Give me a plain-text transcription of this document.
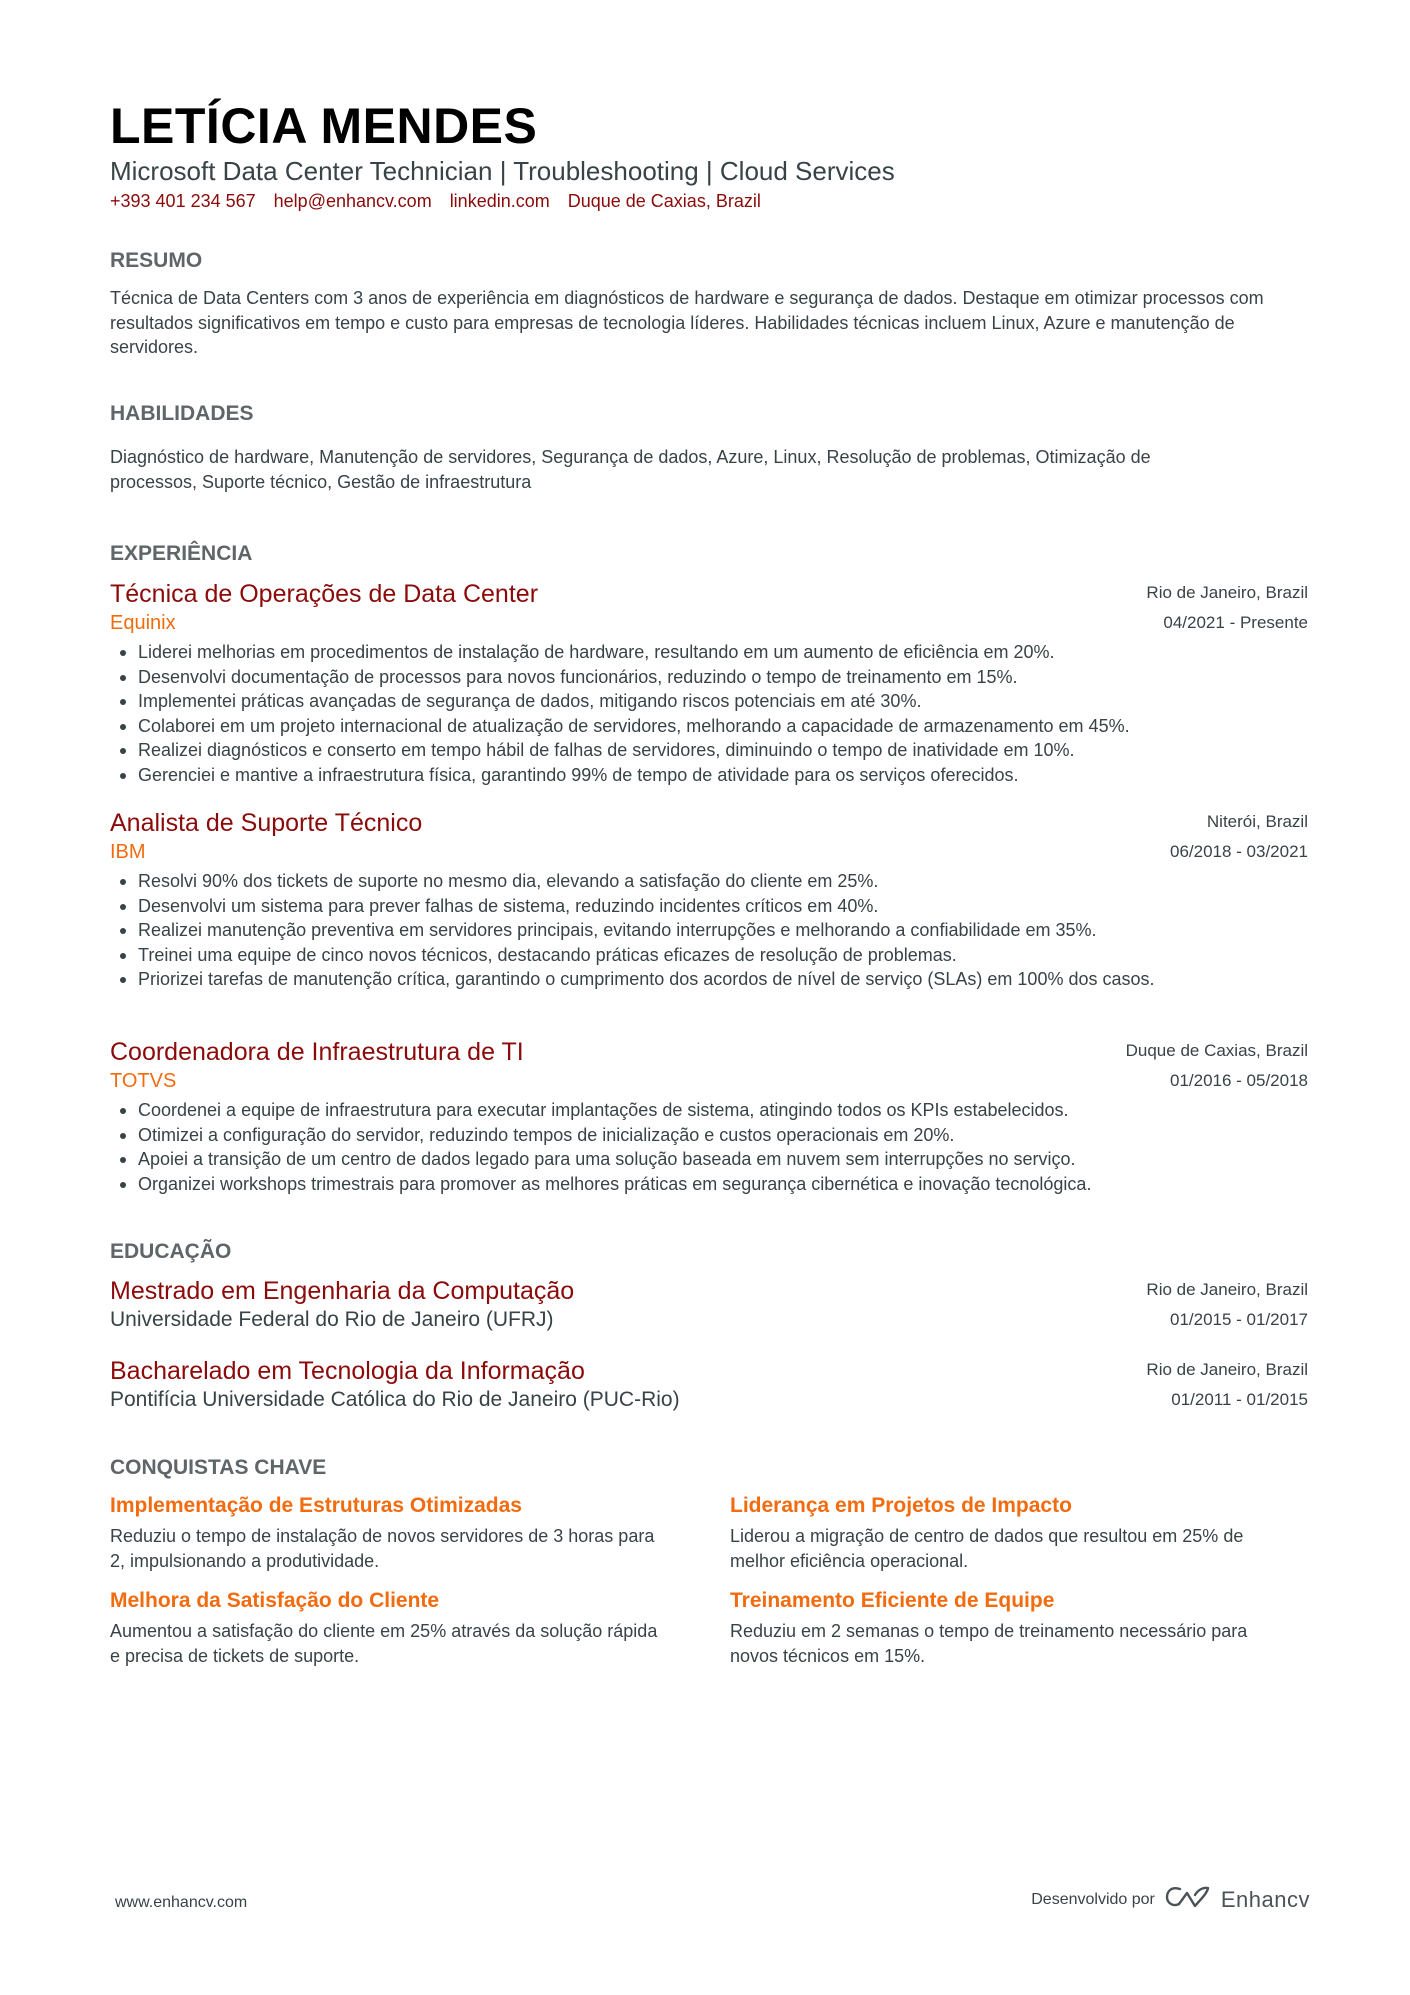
LETÍCIA MENDES
Microsoft Data Center Technician | Troubleshooting | Cloud Services
+393 401 234 567 help@enhancv.com linkedin.com Duque de Caxias, Brazil
RESUMO

Técnica de Data Centers com 3 anos de experiência em diagnósticos de hardware e segurança de dados. Destaque em otimizar processos com resultados significativos em tempo e custo para empresas de tecnologia líderes. Habilidades técnicas incluem Linux, Azure e manutenção de servidores.

HABILIDADES

Diagnóstico de hardware, Manutenção de servidores, Segurança de dados, Azure, Linux, Resolução de problemas, Otimização de processos, Suporte técnico, Gestão de infraestrutura

EXPERIÊNCIA
Técnica de Operações de Data Center
Equinix
Rio de Janeiro, Brazil
04/2021 - Presente
Liderei melhorias em procedimentos de instalação de hardware, resultando em um aumento de eficiência em 20%.
Desenvolvi documentação de processos para novos funcionários, reduzindo o tempo de treinamento em 15%.
Implementei práticas avançadas de segurança de dados, mitigando riscos potenciais em até 30%.
Colaborei em um projeto internacional de atualização de servidores, melhorando a capacidade de armazenamento em 45%.
Realizei diagnósticos e conserto em tempo hábil de falhas de servidores, diminuindo o tempo de inatividade em 10%.
Gerenciei e mantive a infraestrutura física, garantindo 99% de tempo de atividade para os serviços oferecidos.
Analista de Suporte Técnico
IBM
Niterói, Brazil
06/2018 - 03/2021
Resolvi 90% dos tickets de suporte no mesmo dia, elevando a satisfação do cliente em 25%.
Desenvolvi um sistema para prever falhas de sistema, reduzindo incidentes críticos em 40%.
Realizei manutenção preventiva em servidores principais, evitando interrupções e melhorando a confiabilidade em 35%.
Treinei uma equipe de cinco novos técnicos, destacando práticas eficazes de resolução de problemas.
Priorizei tarefas de manutenção crítica, garantindo o cumprimento dos acordos de nível de serviço (SLAs) em 100% dos casos.
Coordenadora de Infraestrutura de TI
TOTVS
Duque de Caxias, Brazil
01/2016 - 05/2018
Coordenei a equipe de infraestrutura para executar implantações de sistema, atingindo todos os KPIs estabelecidos.
Otimizei a configuração do servidor, reduzindo tempos de inicialização e custos operacionais em 20%.
Apoiei a transição de um centro de dados legado para uma solução baseada em nuvem sem interrupções no serviço.
Organizei workshops trimestrais para promover as melhores práticas em segurança cibernética e inovação tecnológica.
EDUCAÇÃO
Mestrado em Engenharia da Computação
Universidade Federal do Rio de Janeiro (UFRJ)
Rio de Janeiro, Brazil
01/2015 - 01/2017
Bacharelado em Tecnologia da Informação
Pontifícia Universidade Católica do Rio de Janeiro (PUC-Rio)
Rio de Janeiro, Brazil
01/2011 - 01/2015
CONQUISTAS CHAVE
Implementação de Estruturas Otimizadas
Reduziu o tempo de instalação de novos servidores de 3 horas para 2, impulsionando a produtividade.
Liderança em Projetos de Impacto
Liderou a migração de centro de dados que resultou em 25% de melhor eficiência operacional.
Melhora da Satisfação do Cliente
Aumentou a satisfação do cliente em 25% através da solução rápida e precisa de tickets de suporte.
Treinamento Eficiente de Equipe
Reduziu em 2 semanas o tempo de treinamento necessário para novos técnicos em 15%.
www.enhancv.com	Desenvolvido por	Enhancv
